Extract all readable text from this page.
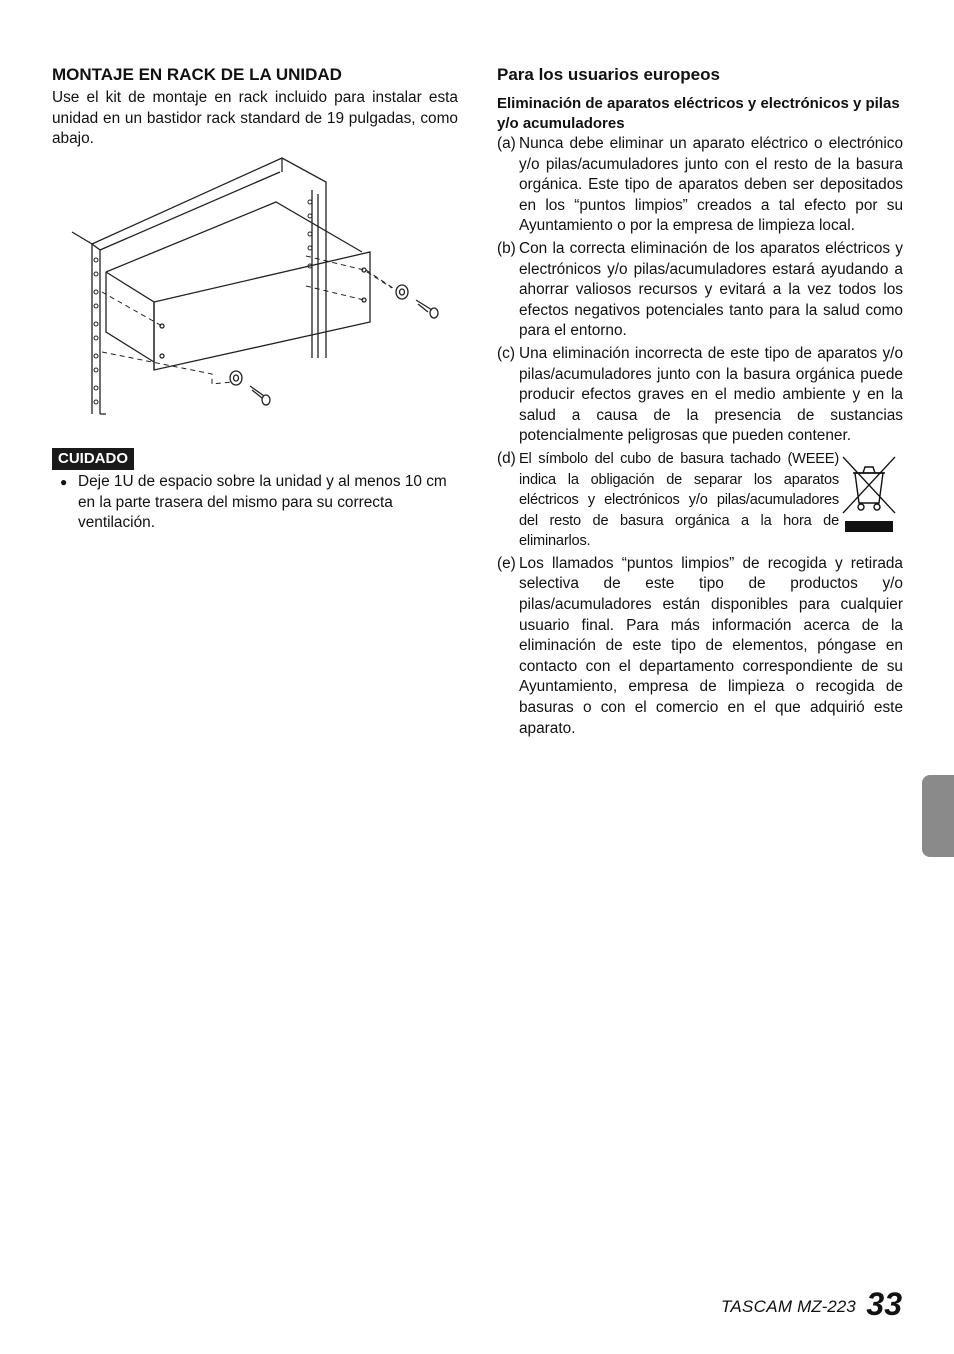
MONTAJE EN RACK DE LA UNIDAD

Use el kit de montaje en rack incluido para instalar esta unidad en un bastidor rack standard de 19 pulgadas, como abajo.

CUIDADO
● Deje 1U de espacio sobre la unidad y al menos 10 cm en la parte trasera del mismo para su correcta ventilación.
Para los usuarios europeos
Eliminación de aparatos eléctricos y electrónicos y pilas y/o acumuladores
(a) Nunca debe eliminar un aparato eléctrico o electrónico y/o pilas/acumuladores junto con el resto de la basura orgánica. Este tipo de aparatos deben ser depositados en los “puntos limpios” creados a tal efecto por su Ayuntamiento o por la empresa de limpieza local.
(b) Con la correcta eliminación de los aparatos eléctricos y electrónicos y/o pilas/acumuladores estará ayudando a ahorrar valiosos recursos y evitará a la vez todos los efectos negativos potenciales tanto para la salud como para el entorno.
(c) Una eliminación incorrecta de este tipo de aparatos y/o pilas/acumuladores junto con la basura orgánica puede producir efectos graves en el medio ambiente y en la salud a causa de la presencia de sustancias potencialmente peligrosas que pueden contener.
(d) El símbolo del cubo de basura tachado (WEEE) indica la obligación de separar los aparatos eléctricos y electrónicos y/o pilas/acumuladores del resto de basura orgánica a la hora de eliminarlos.
(e) Los llamados “puntos limpios” de recogida y retirada selectiva de este tipo de productos y/o pilas/acumuladores están disponibles para cualquier usuario final. Para más información acerca de la eliminación de este tipo de elementos, póngase en contacto con el departamento correspondiente de su Ayuntamiento, empresa de limpieza o recogida de basuras o con el comercio en el que adquirió este aparato.
TASCAM MZ-223 33
